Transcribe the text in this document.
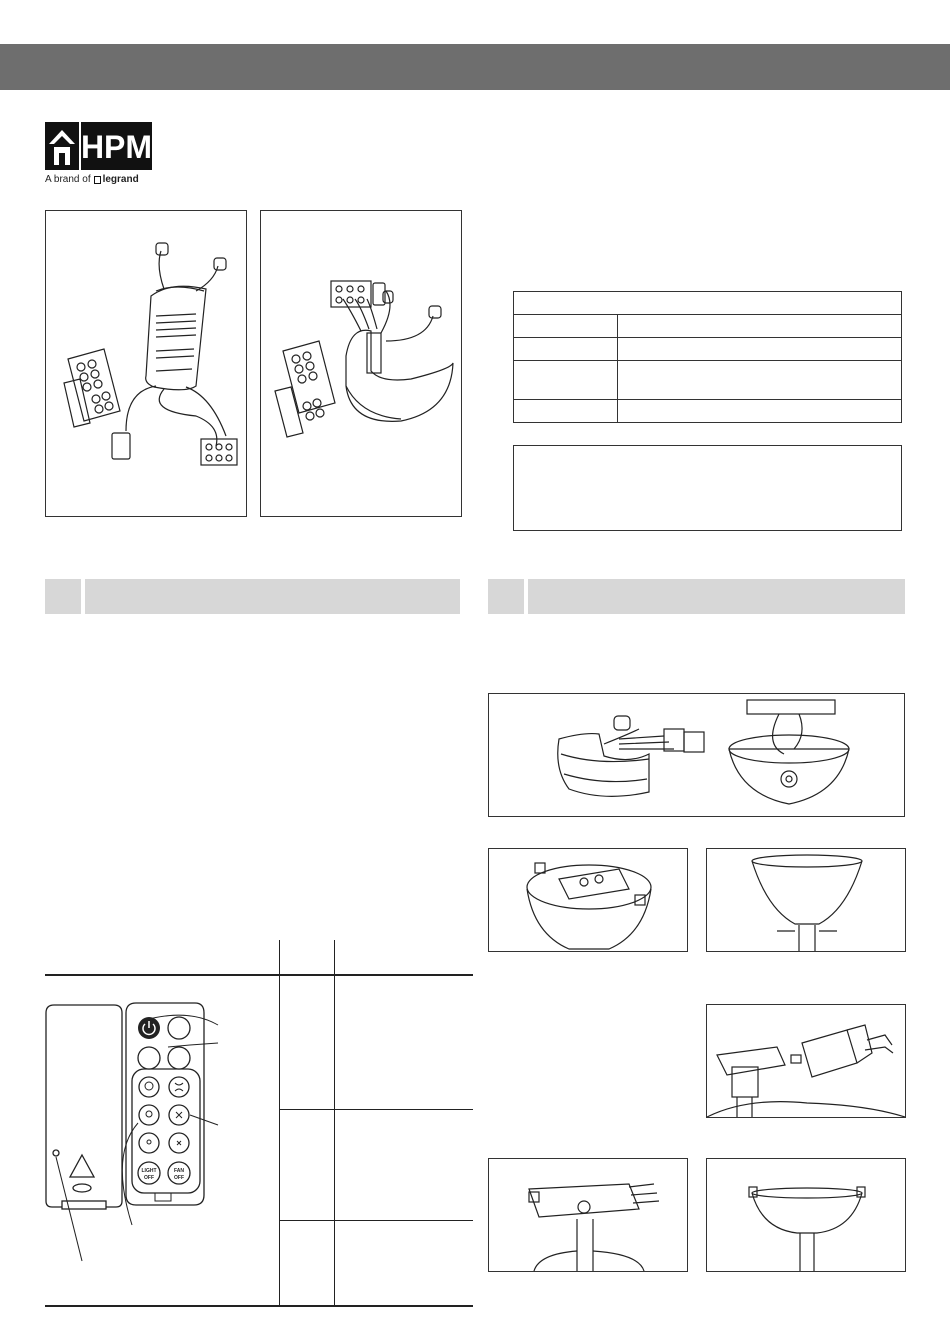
HPM
A brand of legrand

LIGHT
OFF
FAN
OFF
